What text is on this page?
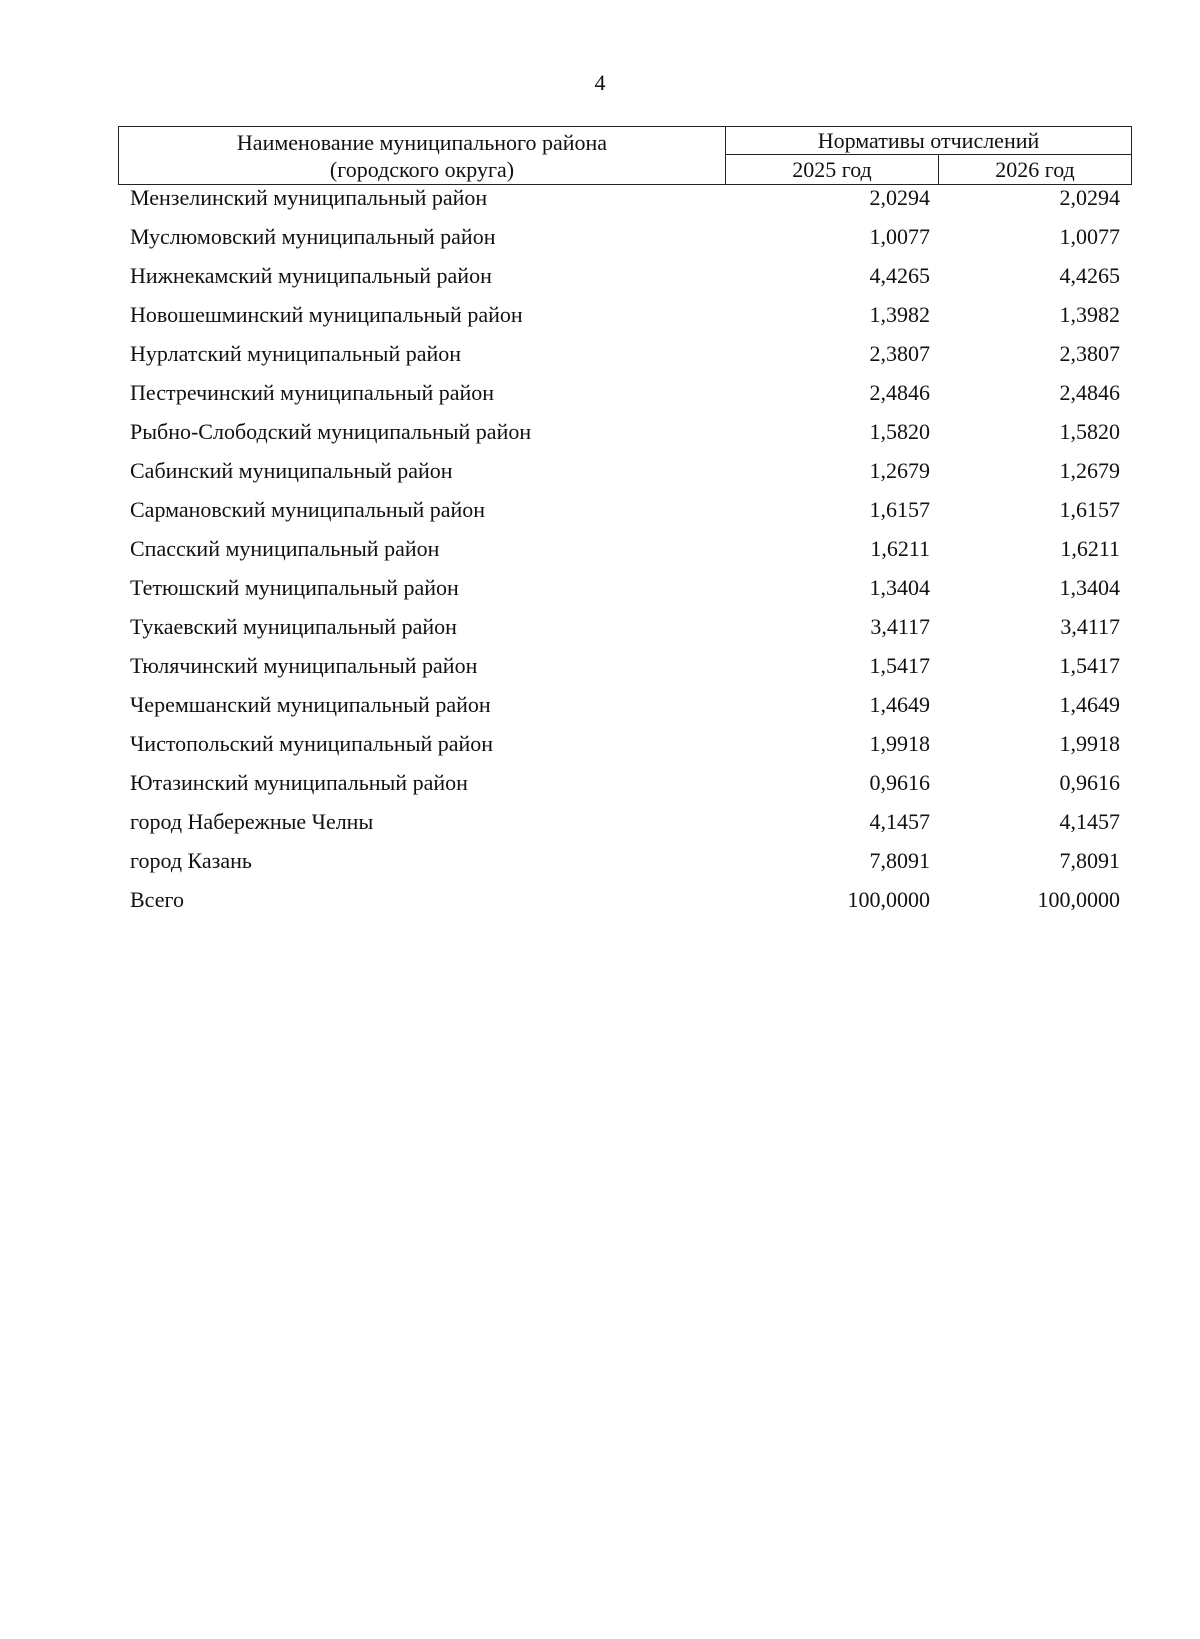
4
Наименование муниципального района
(городского округа)
Нормативы отчислений
2025 год	2026 год
Мензелинский муниципальный район	2,0294	2,0294
Муслюмовский муниципальный район	1,0077	1,0077
Нижнекамский муниципальный район	4,4265	4,4265
Новошешминский муниципальный район	1,3982	1,3982
Нурлатский муниципальный район	2,3807	2,3807
Пестречинский муниципальный район	2,4846	2,4846
Рыбно-Слободский муниципальный район	1,5820	1,5820
Сабинский муниципальный район	1,2679	1,2679
Сармановский муниципальный район	1,6157	1,6157
Спасский муниципальный район	1,6211	1,6211
Тетюшский муниципальный район	1,3404	1,3404
Тукаевский муниципальный район	3,4117	3,4117
Тюлячинский муниципальный район	1,5417	1,5417
Черемшанский муниципальный район	1,4649	1,4649
Чистопольский муниципальный район	1,9918	1,9918
Ютазинский муниципальный район	0,9616	0,9616
город Набережные Челны	4,1457	4,1457
город Казань	7,8091	7,8091
Всего	100,0000	100,0000
